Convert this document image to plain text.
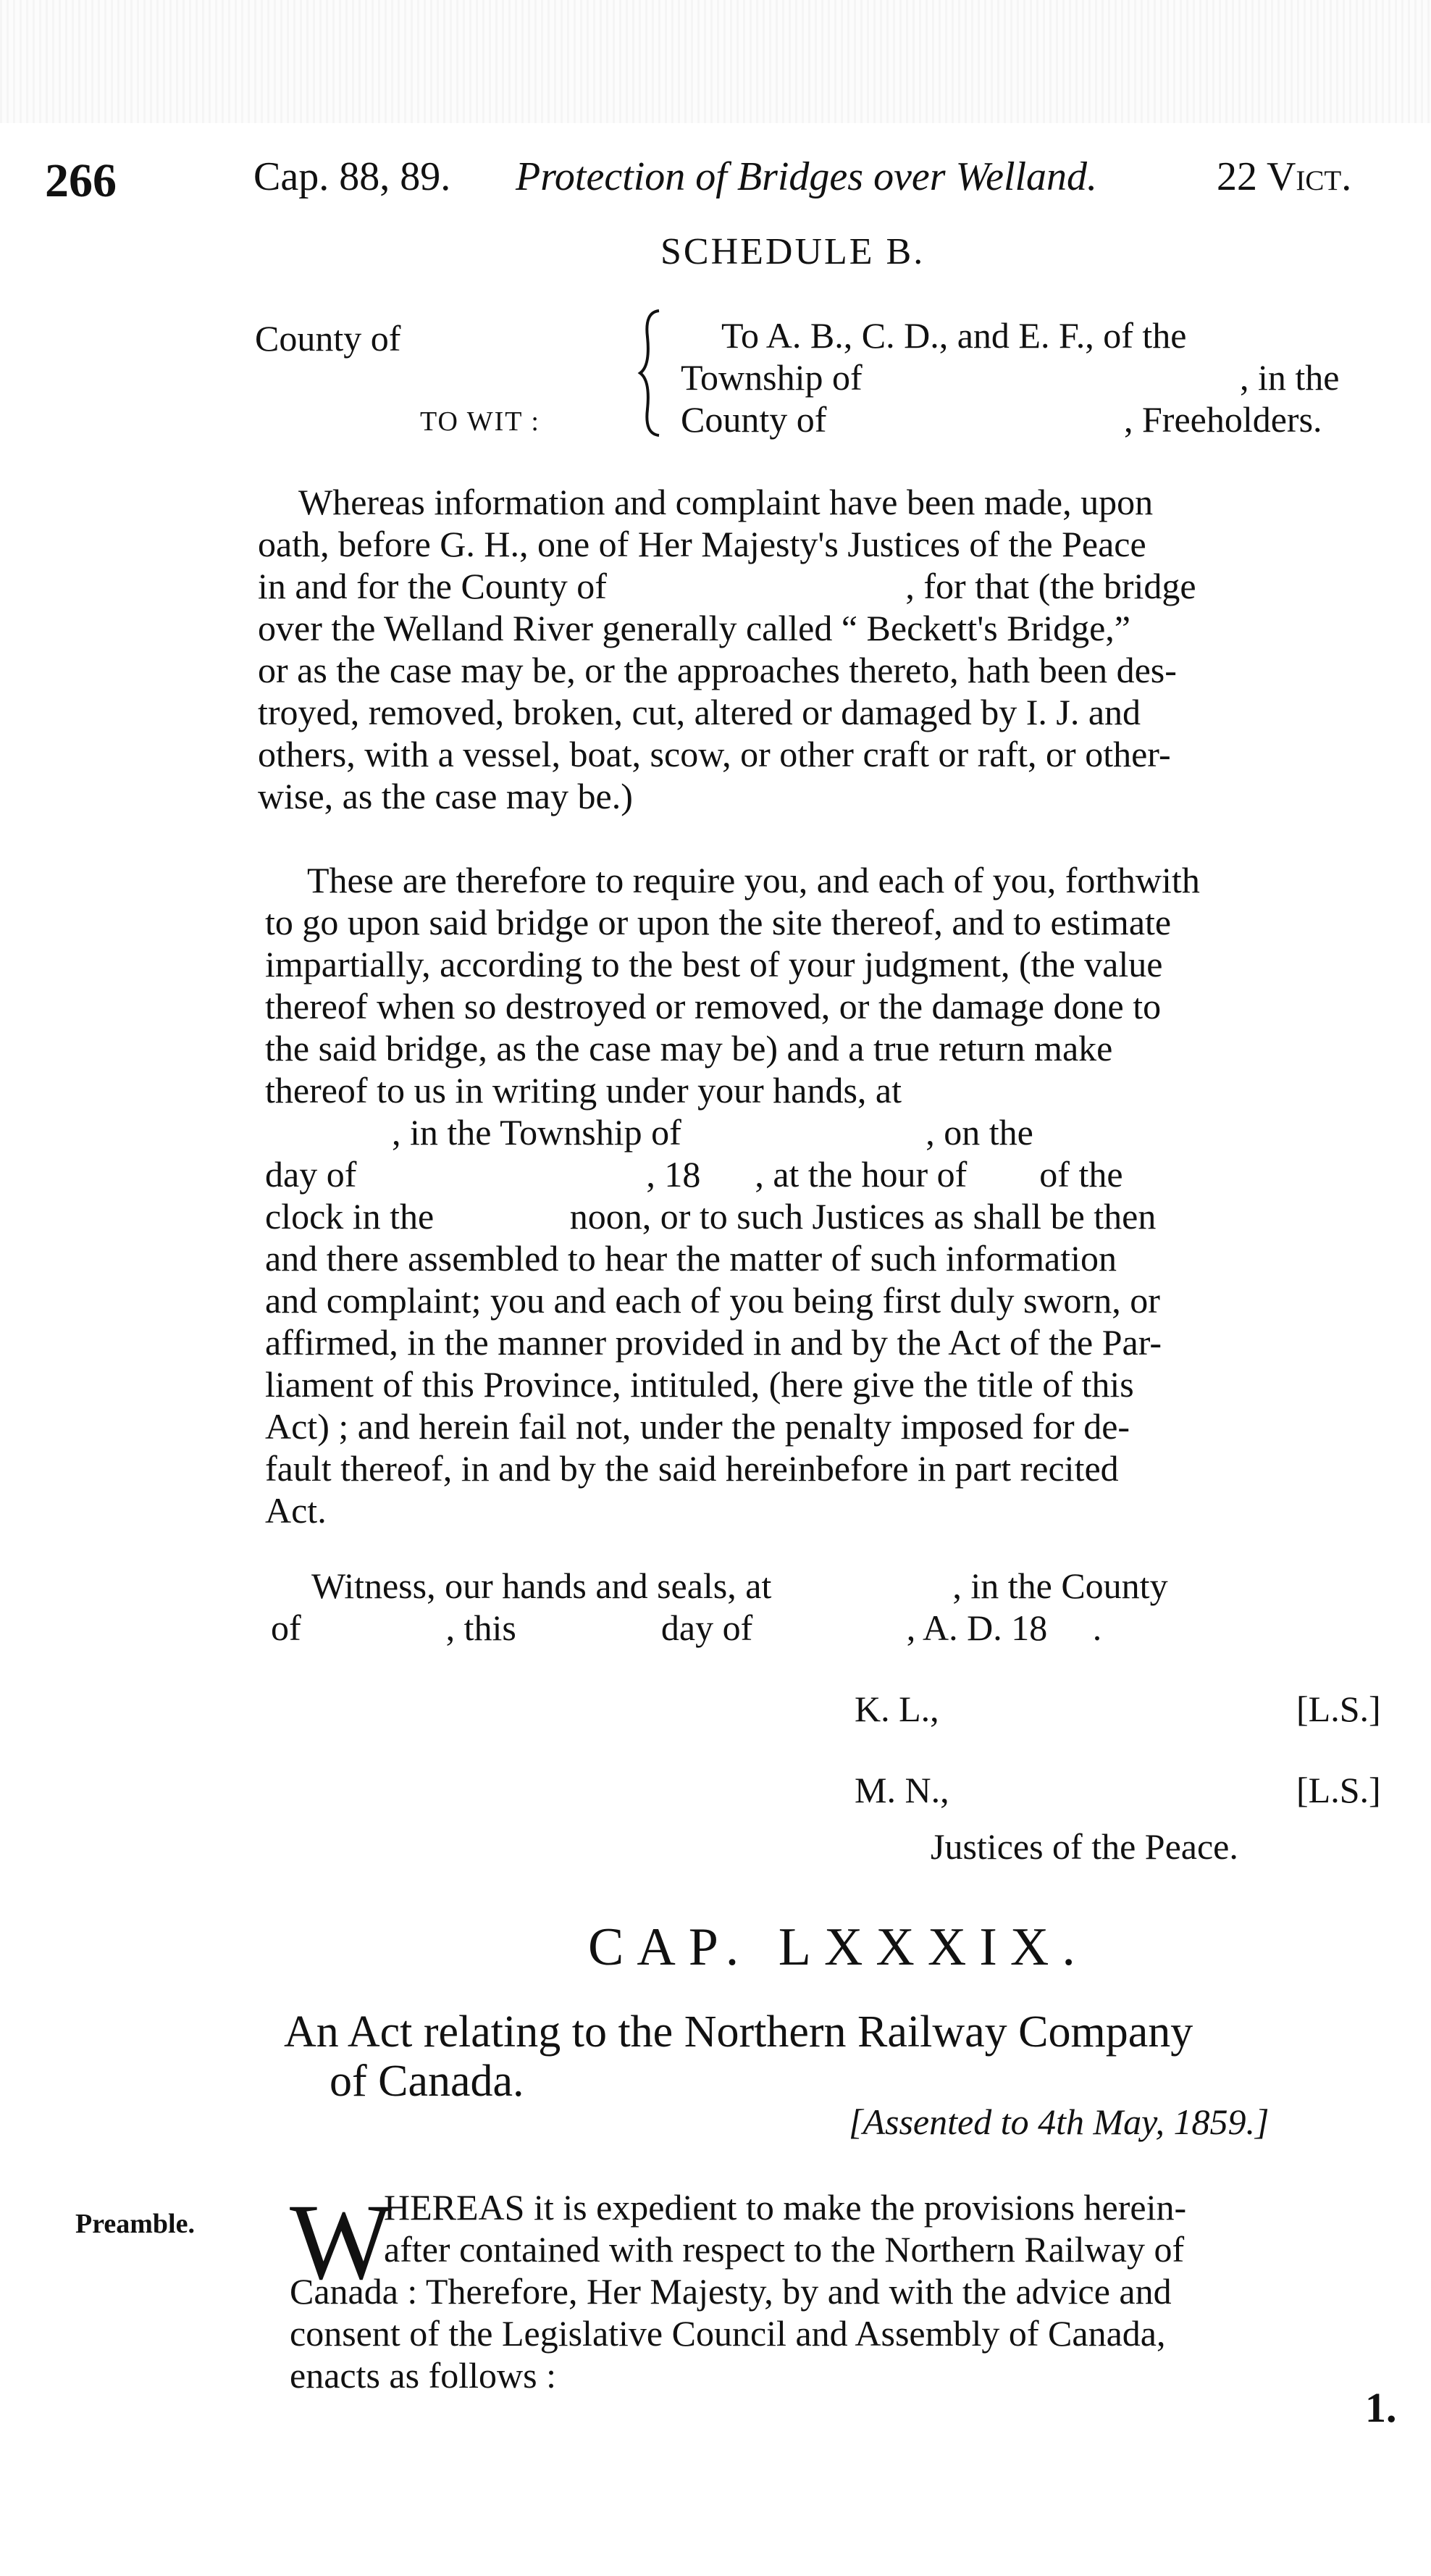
266	Cap. 88, 89. Protection of Bridges over Welland.	22 Vict.
SCHEDULE B.
County of
TO WIT :
To A. B., C. D., and E. F., of the
Township of	, in the
County of	, Freeholders.
Whereas information and complaint have been made, upon
oath, before G. H., one of Her Majesty's Justices of the Peace
in and for the County of                                 , for that (the bridge
over the Welland River generally called “ Beckett's Bridge,”
or as the case may be, or the approaches thereto, hath been des-
troyed, removed, broken, cut, altered or damaged by I. J. and
others, with a vessel, boat, scow, or other craft or raft, or other-
wise, as the case may be.)
These are therefore to require you, and each of you, forthwith
to go upon said bridge or upon the site thereof, and to estimate
impartially, according to the best of your judgment, (the value
thereof when so destroyed or removed, or the damage done to
the said bridge, as the case may be) and a true return make
thereof to us in writing under your hands, at
, in the Township of                           , on the
day of                                , 18      , at the hour of        of the
clock in the               noon, or to such Justices as shall be then
and there assembled to hear the matter of such information
and complaint; you and each of you being first duly sworn, or
affirmed, in the manner provided in and by the Act of the Par-
liament of this Province, intituled, (here give the title of this
Act) ; and herein fail not, under the penalty imposed for de-
fault thereof, in and by the said hereinbefore in part recited
Act.
Witness, our hands and seals, at                    , in the County
of                , this                day of                 , A. D. 18     .
K. L.,	[L.S.]
M. N.,	[L.S.]
Justices of the Peace.
CAP. LXXXIX.
An Act relating to the Northern Railway Company
of Canada.
[Assented to 4th May, 1859.]
Preamble. W
HEREAS it is expedient to make the provisions herein-
after contained with respect to the Northern Railway of
Canada : Therefore, Her Majesty, by and with the advice and
consent of the Legislative Council and Assembly of Canada,
enacts as follows :
1.
